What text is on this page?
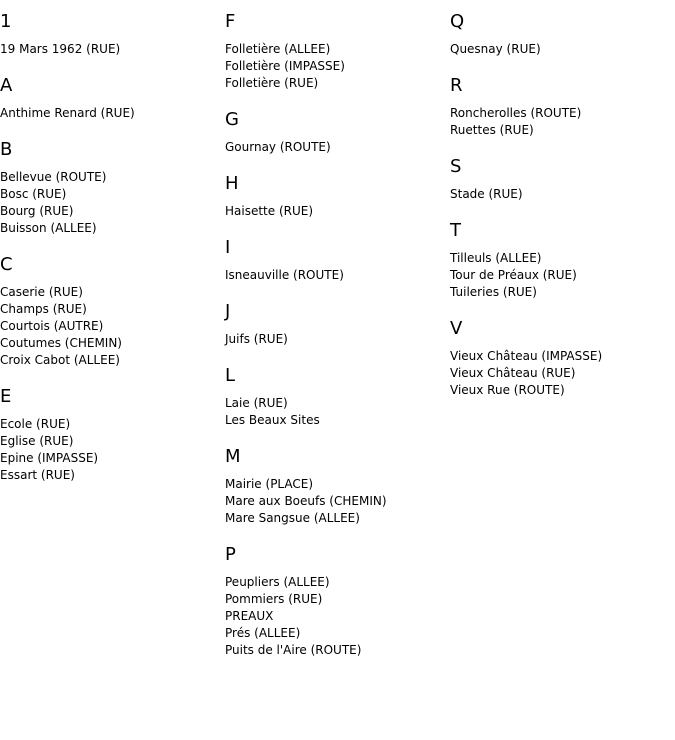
1
19 Mars 1962 (RUE)
A
Anthime Renard (RUE)
B
Bellevue (ROUTE)
Bosc (RUE)
Bourg (RUE)
Buisson (ALLEE)
C
Caserie (RUE)
Champs (RUE)
Courtois (AUTRE)
Coutumes (CHEMIN)
Croix Cabot (ALLEE)
E
Ecole (RUE)
Eglise (RUE)
Epine (IMPASSE)
Essart (RUE)
F
Folletière (ALLEE)
Folletière (IMPASSE)
Folletière (RUE)
G
Gournay (ROUTE)
H
Haisette (RUE)
I
Isneauville (ROUTE)
J
Juifs (RUE)
L
Laie (RUE)
Les Beaux Sites
M
Mairie (PLACE)
Mare aux Boeufs (CHEMIN)
Mare Sangsue (ALLEE)
P
Peupliers (ALLEE)
Pommiers (RUE)
PREAUX
Prés (ALLEE)
Puits de l'Aire (ROUTE)
Q
Quesnay (RUE)
R
Roncherolles (ROUTE)
Ruettes (RUE)
S
Stade (RUE)
T
Tilleuls (ALLEE)
Tour de Préaux (RUE)
Tuileries (RUE)
V
Vieux Château (IMPASSE)
Vieux Château (RUE)
Vieux Rue (ROUTE)
